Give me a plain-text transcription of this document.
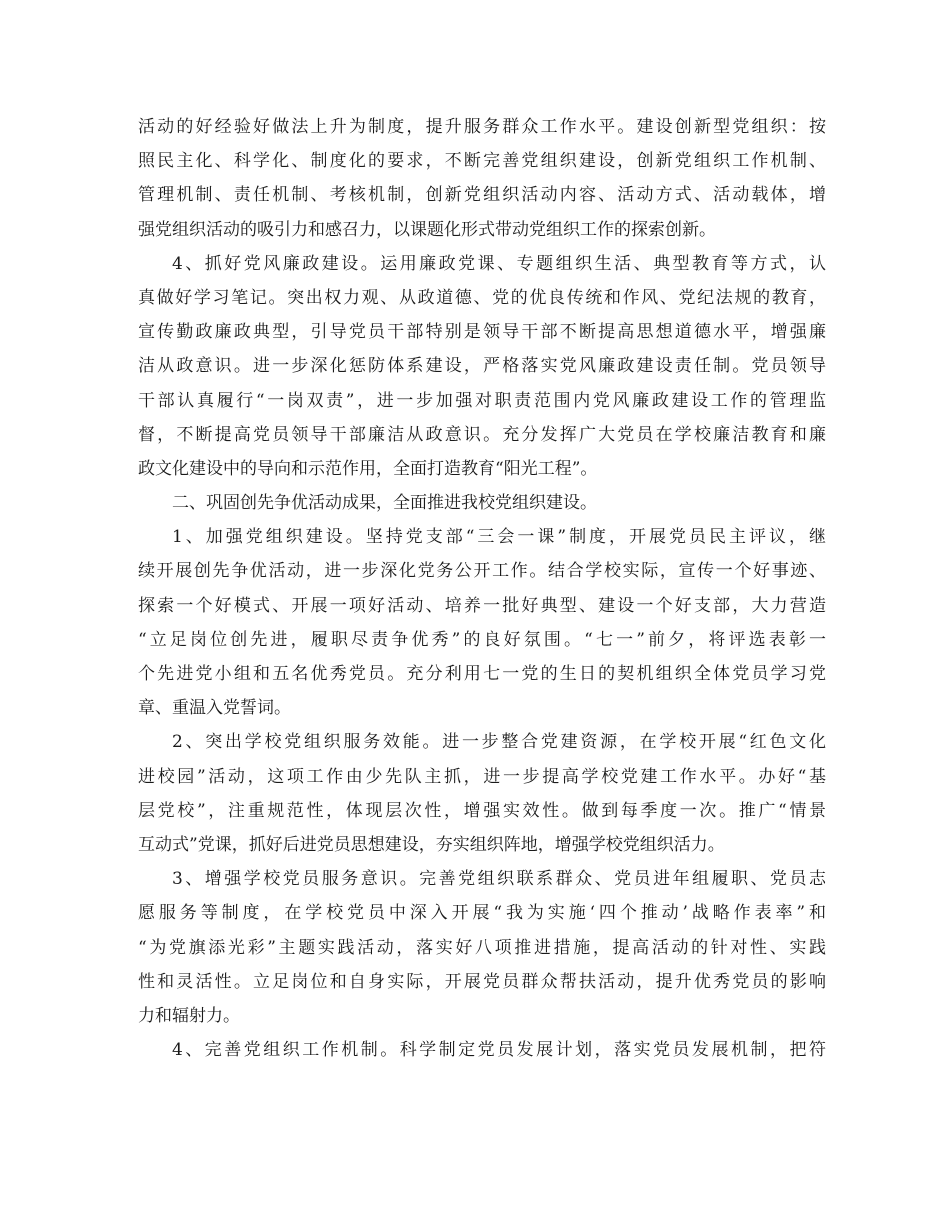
活动的好经验好做法上升为制度，提升服务群众工作水平。建设创新型党组织：按
照民主化、科学化、制度化的要求，不断完善党组织建设，创新党组织工作机制、
管理机制、责任机制、考核机制，创新党组织活动内容、活动方式、活动载体，增
强党组织活动的吸引力和感召力，以课题化形式带动党组织工作的探索创新。
4、抓好党风廉政建设。运用廉政党课、专题组织生活、典型教育等方式，认
真做好学习笔记。突出权力观、从政道德、党的优良传统和作风、党纪法规的教育，
宣传勤政廉政典型，引导党员干部特别是领导干部不断提高思想道德水平，增强廉
洁从政意识。进一步深化惩防体系建设，严格落实党风廉政建设责任制。党员领导
干部认真履行“一岗双责”，进一步加强对职责范围内党风廉政建设工作的管理监
督，不断提高党员领导干部廉洁从政意识。充分发挥广大党员在学校廉洁教育和廉
政文化建设中的导向和示范作用，全面打造教育“阳光工程”。
二、巩固创先争优活动成果，全面推进我校党组织建设。
1、加强党组织建设。坚持党支部“三会一课”制度，开展党员民主评议，继
续开展创先争优活动，进一步深化党务公开工作。结合学校实际，宣传一个好事迹、
探索一个好模式、开展一项好活动、培养一批好典型、建设一个好支部，大力营造
“立足岗位创先进，履职尽责争优秀”的良好氛围。“七一”前夕，将评选表彰一
个先进党小组和五名优秀党员。充分利用七一党的生日的契机组织全体党员学习党
章、重温入党誓词。
2、突出学校党组织服务效能。进一步整合党建资源，在学校开展“红色文化
进校园”活动，这项工作由少先队主抓，进一步提高学校党建工作水平。办好“基
层党校”，注重规范性，体现层次性，增强实效性。做到每季度一次。推广“情景
互动式”党课，抓好后进党员思想建设，夯实组织阵地，增强学校党组织活力。
3、增强学校党员服务意识。完善党组织联系群众、党员进年组履职、党员志
愿服务等制度，在学校党员中深入开展“我为实施‘四个推动’战略作表率”和
“为党旗添光彩”主题实践活动，落实好八项推进措施，提高活动的针对性、实践
性和灵活性。立足岗位和自身实际，开展党员群众帮扶活动，提升优秀党员的影响
力和辐射力。
4、完善党组织工作机制。科学制定党员发展计划，落实党员发展机制，把符
